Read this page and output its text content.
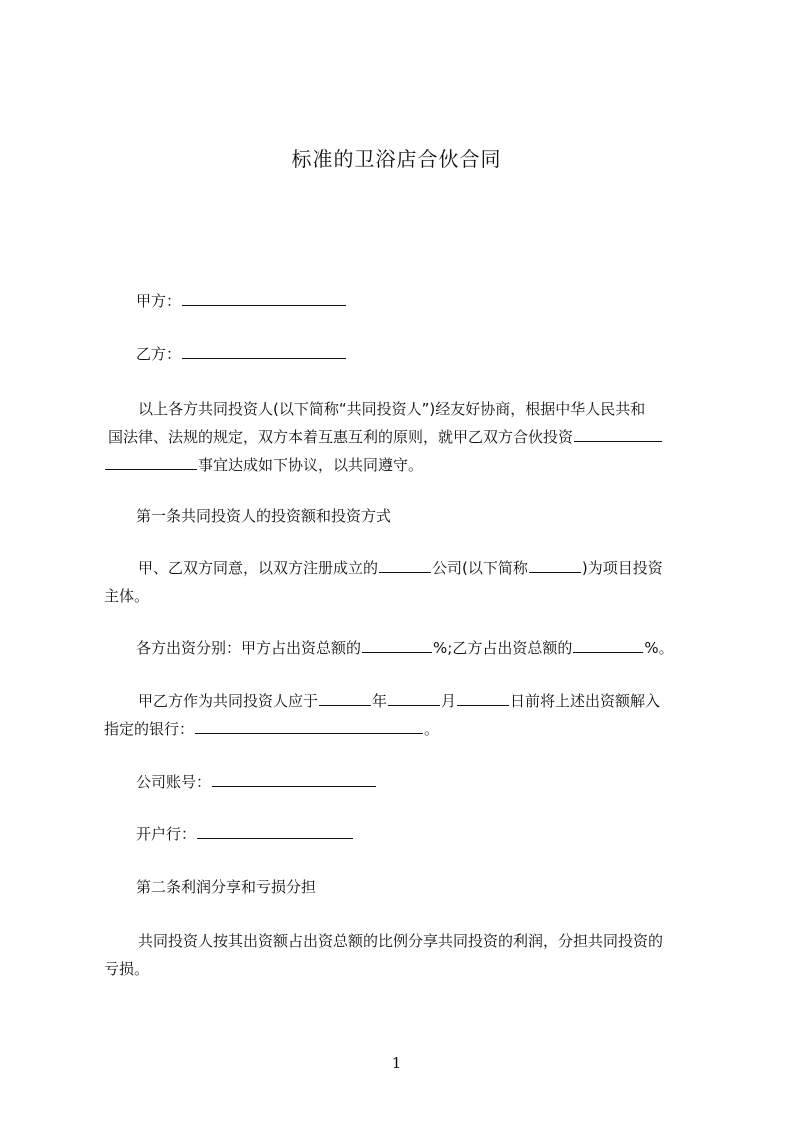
标准的卫浴店合伙合同
甲方：
乙方：
以上各方共同投资人(以下简称“共同投资人”)经友好协商，根据中华人民共和
国法律、法规的规定，双方本着互惠互利的原则，就甲乙双方合伙投资
事宜达成如下协议，以共同遵守。
第一条共同投资人的投资额和投资方式
甲、乙双方同意，以双方注册成立的	公司(以下简称	)为项目投资
主体。
各方出资分别：甲方占出资总额的	%;乙方占出资总额的	%。
甲乙方作为共同投资人应于	年	月	日前将上述出资额解入
指定的银行：	。
公司账号：
开户行：
第二条利润分享和亏损分担
共同投资人按其出资额占出资总额的比例分享共同投资的利润，分担共同投资的
亏损。
1
